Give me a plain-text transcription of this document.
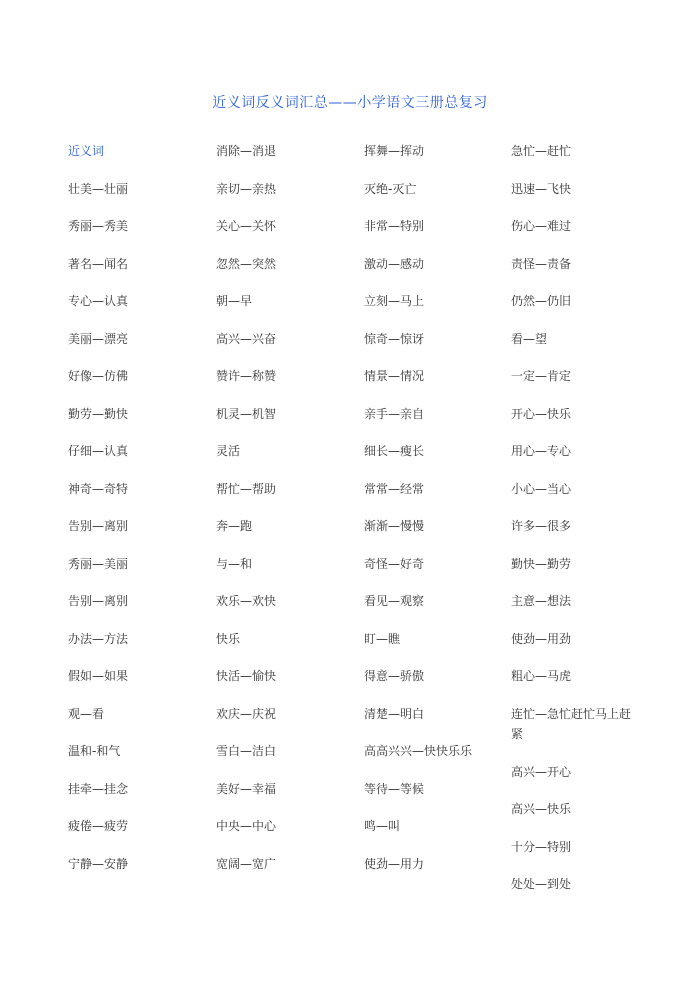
近义词反义词汇总——小学语文三册总复习
近义词
壮美—壮丽
秀丽—秀美
著名—闻名
专心—认真
美丽—漂亮
好像—仿佛
勤劳—勤快
仔细—认真
神奇—奇特
告别—离别
秀丽—美丽
告别—离别
办法—方法
假如—如果
观—看
温和-和气
挂牵—挂念
疲倦—疲劳
宁静—安静
消除—消退
亲切—亲热
关心—关怀
忽然—突然
朝—早
高兴—兴奋
赞许—称赞
机灵—机智
灵活
帮忙—帮助
奔—跑
与—和
欢乐—欢快
快乐
快活—愉快
欢庆—庆祝
雪白—洁白
美好—幸福
中央—中心
宽阔—宽广
挥舞—挥动
灭绝-灭亡
非常—特别
激动—感动
立刻—马上
惊奇—惊讶
情景—情况
亲手—亲自
细长—瘦长
常常—经常
渐渐—慢慢
奇怪—好奇
看见—观察
盯—瞧
得意—骄傲
清楚—明白
高高兴兴—快快乐乐
等待—等候
鸣—叫
使劲—用力
急忙—赶忙
迅速—飞快
伤心—难过
责怪—责备
仍然—仍旧
看—望
一定—肯定
开心—快乐
用心—专心
小心—当心
许多—很多
勤快—勤劳
主意—想法
使劲—用劲
粗心—马虎
连忙—急忙赶忙马上赶紧
高兴—开心
高兴—快乐
十分—特别
处处—到处
